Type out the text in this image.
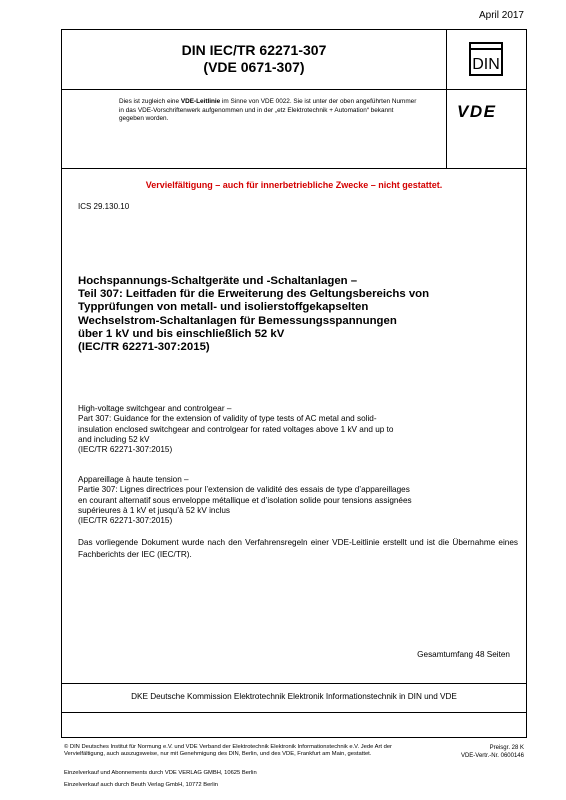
April 2017
DIN IEC/TR 62271-307
(VDE 0671-307)	DIN

Dies ist zugleich eine VDE-Leitlinie im Sinne von VDE 0022. Sie ist unter der oben angeführten Nummer in das VDE-Vorschriftenwerk aufgenommen und in der „etz Elektrotechnik + Automation“ bekannt gegeben worden.	VDE
Vervielfältigung – auch für innerbetriebliche Zwecke – nicht gestattet.
ICS 29.130.10
Hochspannungs-Schaltgeräte und -Schaltanlagen –
Teil 307: Leitfaden für die Erweiterung des Geltungsbereichs von
Typprüfungen von metall- und isolierstoffgekapselten
Wechselstrom-Schaltanlagen für Bemessungsspannungen
über 1 kV und bis einschließlich 52 kV
(IEC/TR 62271-307:2015)
High-voltage switchgear and controlgear –
Part 307: Guidance for the extension of validity of type tests of AC metal and solid-
insulation enclosed switchgear and controlgear for rated voltages above 1 kV and up to
and including 52 kV
(IEC/TR 62271-307:2015)
Appareillage à haute tension –
Partie 307: Lignes directrices pour l’extension de validité des essais de type d’appareillages
en courant alternatif sous enveloppe métallique et d’isolation solide pour tensions assignées
supérieures à 1 kV et jusqu’à 52 kV inclus
(IEC/TR 62271-307:2015)
Das vorliegende Dokument wurde nach den Verfahrensregeln einer VDE-Leitlinie erstellt und ist die Übernahme eines Fachberichts der IEC (IEC/TR).
Gesamtumfang 48 Seiten
DKE Deutsche Kommission Elektrotechnik Elektronik Informationstechnik in DIN und VDE
© DIN Deutsches Institut für Normung e.V. und VDE Verband der Elektrotechnik Elektronik Informationstechnik e.V. Jede Art der Vervielfältigung, auch auszugsweise, nur mit Genehmigung des DIN, Berlin, und des VDE, Frankfurt am Main, gestattet.
Einzelverkauf und Abonnements durch VDE VERLAG GMBH, 10625 Berlin
Einzelverkauf auch durch Beuth Verlag GmbH, 10772 Berlin
Preisgr. 28 K
VDE-Vertr.-Nr. 0600146
